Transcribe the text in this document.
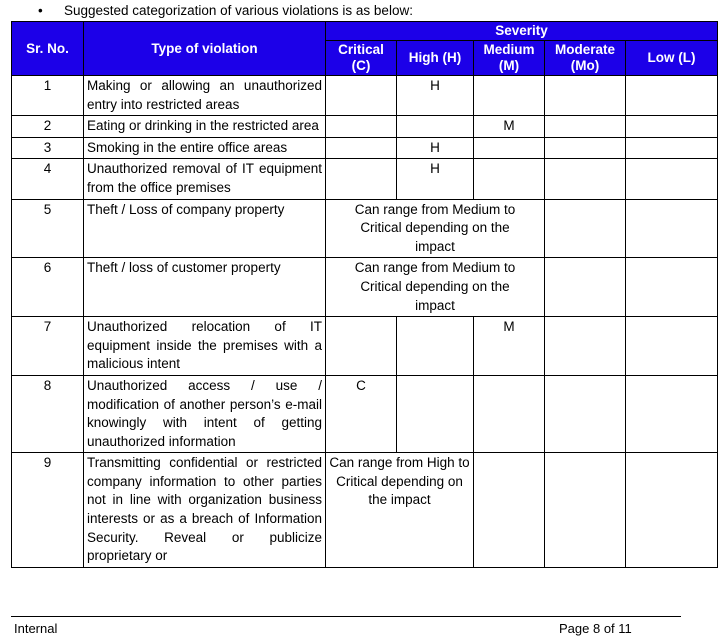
• Suggested categorization of various violations is as below:
Sr. No.	Type of violation	Severity				
		Critical (C)	High (H)	Medium (M)	Moderate (Mo)	Low (L)
1	Making or allowing an unauthorized entry into restricted areas		H			
2	Eating or drinking in the restricted area			M		
3	Smoking in the entire office areas		H			
4	Unauthorized removal of IT equipment from the office premises		H			
5	Theft / Loss of company property	Can range from Medium to Critical depending on the impact				
6	Theft / loss of customer property	Can range from Medium to Critical depending on the impact				
7	Unauthorized relocation of IT equipment inside the premises with a malicious intent			M		
8	Unauthorized access / use / modification of another person’s e-mail knowingly with intent of getting unauthorized information	C				
9	Transmitting confidential or restricted company information to other parties not in line with organization business interests or as a breach of Information Security. Reveal or publicize proprietary or	Can range from High to Critical depending on the impact				
Internal	Page 8 of 11
